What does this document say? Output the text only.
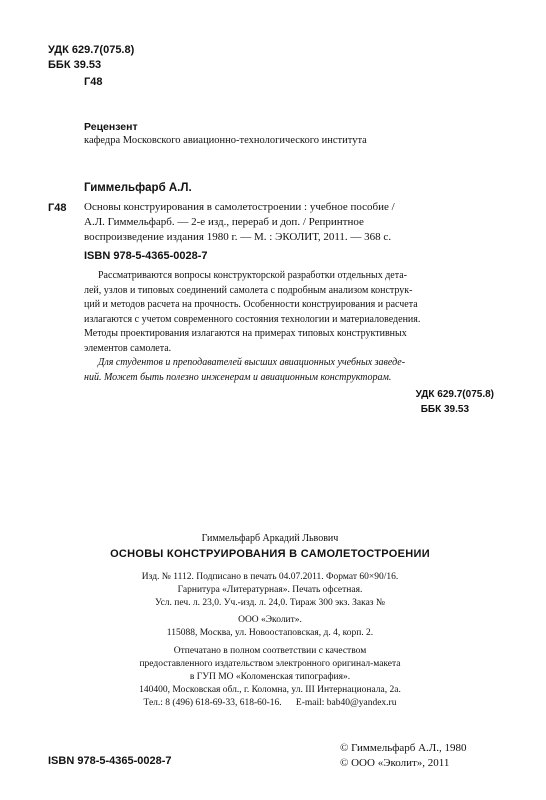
УДК 629.7(075.8)
ББК 39.53
Г48
Рецензент
кафедра Московского авиационно-технологического института
Гиммельфарб А.Л.
Г48 Основы конструирования в самолетостроении : учебное пособие /
А.Л. Гиммельфарб. — 2-е изд., перераб и доп. / Репринтное
воспроизведение издания 1980 г. — М. : ЭКОЛИТ, 2011. — 368 с.
ISBN 978-5-4365-0028-7
Рассматриваются вопросы конструкторской разработки отдельных дета-
лей, узлов и типовых соединений самолета с подробным анализом конструк-
ций и методов расчета на прочность. Особенности конструирования и расчета
излагаются с учетом современного состояния технологии и материаловедения.
Методы проектирования излагаются на примерах типовых конструктивных
элементов самолета.
Для студентов и преподавателей высших авиационных учебных заведе-
ний. Может быть полезно инженерам и авиационным конструкторам.
УДК 629.7(075.8)
ББК 39.53
Гиммельфарб Аркадий Львович
ОСНОВЫ КОНСТРУИРОВАНИЯ В САМОЛЕТОСТРОЕНИИ
Изд. № 1112. Подписано в печать 04.07.2011. Формат 60×90/16.
Гарнитура «Литературная». Печать офсетная.
Усл. печ. л. 23,0. Уч.-изд. л. 24,0. Тираж 300 экз. Заказ №
ООО «Эколит».
115088, Москва, ул. Новоостаповская, д. 4, корп. 2.
Отпечатано в полном соответствии с качеством
предоставленного издательством электронного оригинал-макета
в ГУП МО «Коломенская типография».
140400, Московская обл., г. Коломна, ул. III Интернационала, 2а.
Тел.: 8 (496) 618-69-33, 618-60-16.      E-mail: bab40@yandex.ru
ISBN 978-5-4365-0028-7
© Гиммельфарб А.Л., 1980
© ООО «Эколит», 2011
